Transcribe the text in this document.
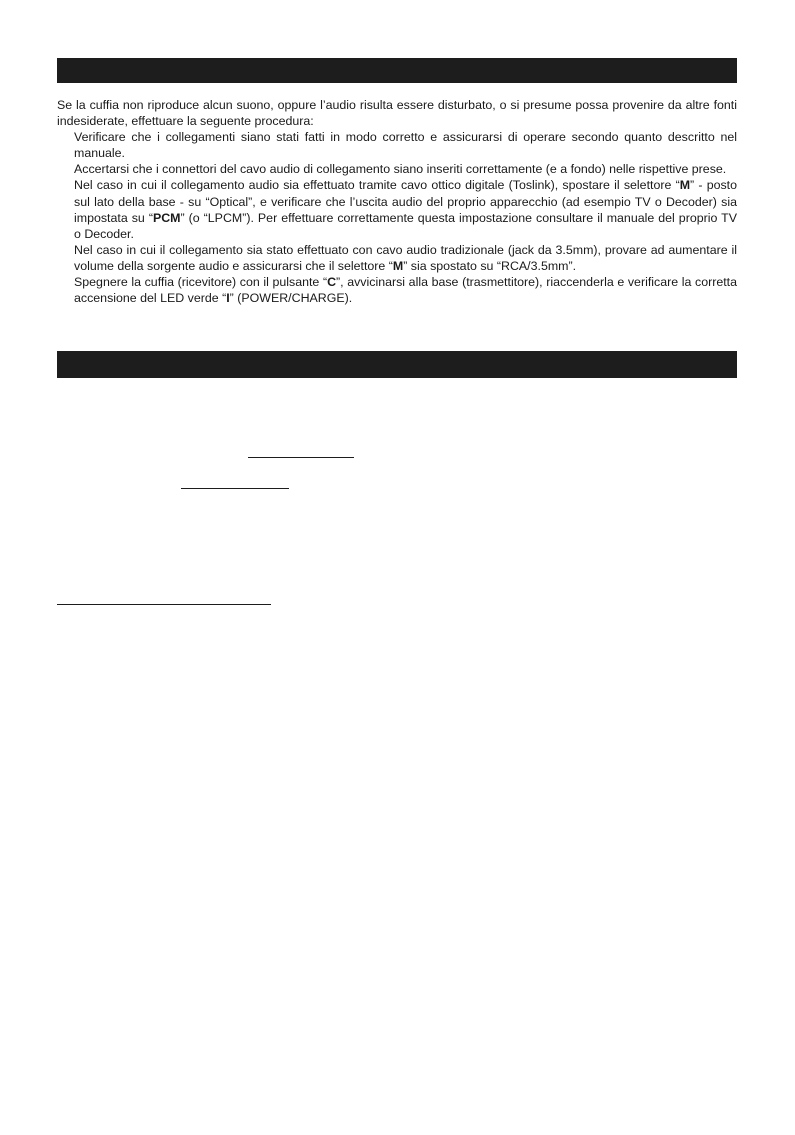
Se la cuffia non riproduce alcun suono, oppure l’audio risulta essere disturbato, o si presume possa provenire da altre fonti indesiderate, effettuare la seguente procedura:

Verificare che i collegamenti siano stati fatti in modo corretto e assicurarsi di operare secondo quanto descritto nel manuale.
Accertarsi che i connettori del cavo audio di collegamento siano inseriti correttamente (e a fondo) nelle rispettive prese.
Nel caso in cui il collegamento audio sia effettuato tramite cavo ottico digitale (Toslink), spostare il selettore “M” - posto sul lato della base - su “Optical”, e verificare che l’uscita audio del proprio apparecchio (ad esempio TV o Decoder) sia impostata su “PCM” (o “LPCM”). Per effettuare correttamente questa impostazione consultare il manuale del proprio TV o Decoder.
Nel caso in cui il collegamento sia stato effettuato con cavo audio tradizionale (jack da 3.5mm), provare ad aumentare il volume della sorgente audio e assicurarsi che il selettore “M” sia spostato su “RCA/3.5mm”.
Spegnere la cuffia (ricevitore) con il pulsante “C”, avvicinarsi alla base (trasmettitore), riaccenderla e verificare la corretta accensione del LED verde “I” (POWER/CHARGE).
